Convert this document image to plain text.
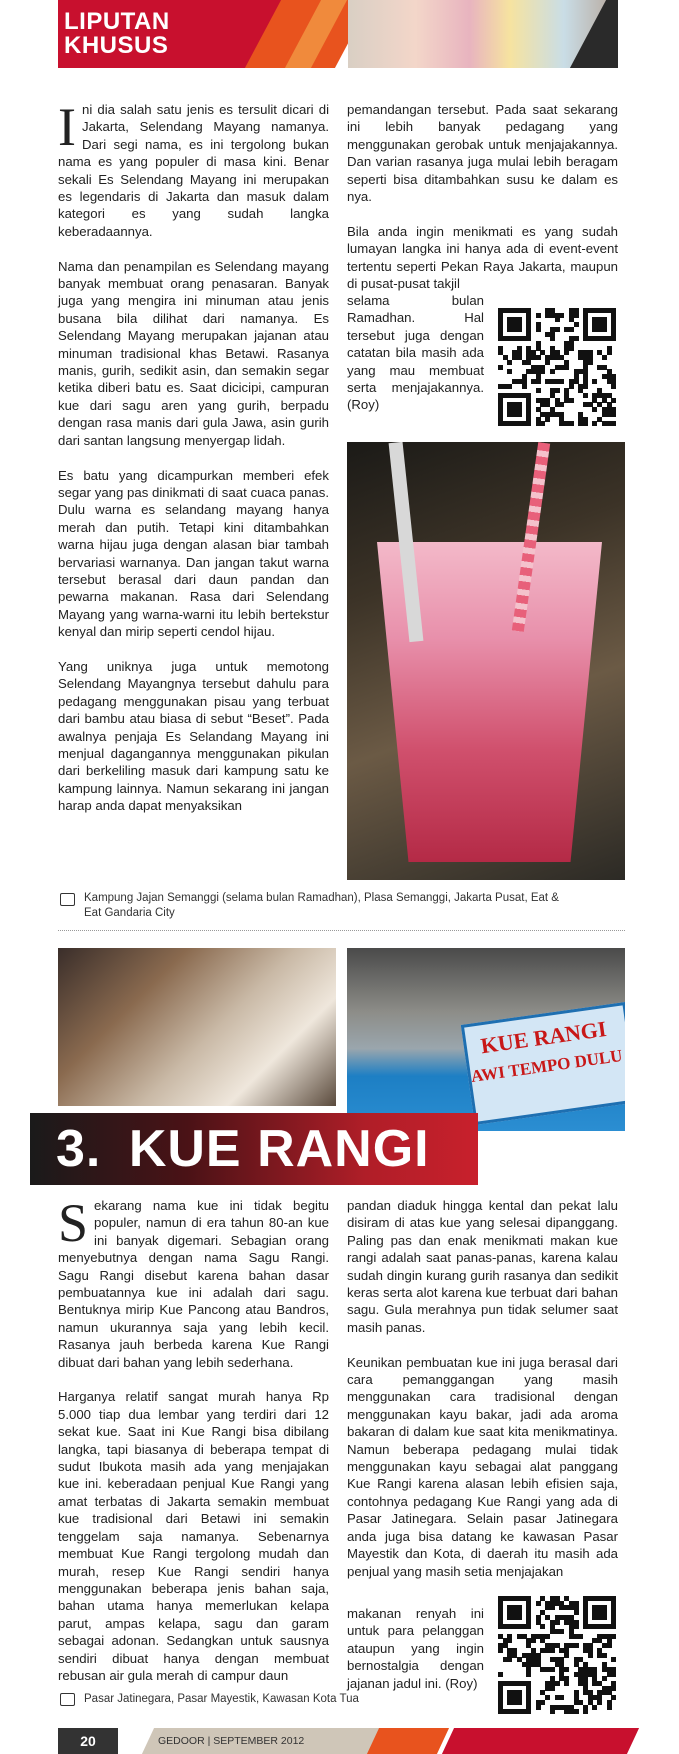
LIPUTAN
KHUSUS
I ni dia salah satu jenis es tersulit dicari di Jakarta, Selendang Mayang namanya. Dari segi nama, es ini tergolong bukan nama es yang populer di masa kini. Benar sekali Es Selendang Mayang ini merupakan es legendaris di Jakarta dan masuk dalam kategori es yang sudah langka keberadaannya.

Nama dan penampilan es Selendang mayang banyak membuat orang penasaran. Banyak juga yang mengira ini minuman atau jenis busana bila dilihat dari namanya. Es Selendang Mayang merupakan jajanan atau minuman tradisional khas Betawi. Rasanya manis, gurih, sedikit asin, dan semakin segar ketika diberi batu es. Saat dicicipi, campuran kue dari sagu aren yang gurih, berpadu dengan rasa manis dari gula Jawa, asin gurih dari santan langsung menyergap lidah.

Es batu yang dicampurkan memberi efek segar yang pas dinikmati di saat cuaca panas. Dulu warna es selandang mayang hanya merah dan putih. Tetapi kini ditambahkan warna hijau juga dengan alasan biar tambah bervariasi warnanya. Dan jangan takut warna tersebut berasal dari daun pandan dan pewarna makanan. Rasa dari Selendang Mayang yang warna-warni itu lebih bertekstur kenyal dan mirip seperti cendol hijau.

Yang uniknya juga untuk memotong Selendang Mayangnya tersebut dahulu para pedagang menggunakan pisau yang terbuat dari bambu atau biasa di sebut “Beset”. Pada awalnya penjaja Es Selandang Mayang ini menjual dagangannya menggunakan pikulan dari berkeliling masuk dari kampung satu ke kampung lainnya. Namun sekarang ini jangan harap anda dapat menyaksikan

pemandangan tersebut. Pada saat sekarang ini lebih banyak pedagang yang menggunakan gerobak untuk menjajakannya. Dan varian rasanya juga mulai lebih beragam seperti bisa ditambahkan susu ke dalam es nya.

Bila anda ingin menikmati es yang sudah lumayan langka ini hanya ada di event-event tertentu seperti Pekan Raya Jakarta, maupun di pusat-pusat takjil

selama bulan Ramadhan. Hal tersebut juga dengan catatan bila masih ada yang mau membuat serta menjajakannya. (Roy)

Kampung Jajan Semanggi (selama bulan Ramadhan), Plasa Semanggi, Jakarta Pusat, Eat & Eat Gandaria City
KUE RANGI
AWI TEMPO DULU
3. KUE RANGI
S ekarang nama kue ini tidak begitu populer, namun di era tahun 80-an kue ini banyak digemari. Sebagian orang menyebutnya dengan nama Sagu Rangi. Sagu Rangi disebut karena bahan dasar pembuatannya kue ini adalah dari sagu. Bentuknya mirip Kue Pancong atau Bandros, namun ukurannya saja yang lebih kecil. Rasanya jauh berbeda karena Kue Rangi dibuat dari bahan yang lebih sederhana.

Harganya relatif sangat murah hanya Rp 5.000 tiap dua lembar yang terdiri dari 12 sekat kue. Saat ini Kue Rangi bisa dibilang langka, tapi biasanya di beberapa tempat di sudut Ibukota masih ada yang menjajakan kue ini. keberadaan penjual Kue Rangi yang amat terbatas di Jakarta semakin membuat kue tradisional dari Betawi ini semakin tenggelam saja namanya. Sebenarnya membuat Kue Rangi tergolong mudah dan murah, resep Kue Rangi sendiri hanya menggunakan beberapa jenis bahan saja, bahan utama hanya memerlukan kelapa parut, ampas kelapa, sagu dan garam sebagai adonan. Sedangkan untuk sausnya sendiri dibuat hanya dengan membuat rebusan air gula merah di campur daun

pandan diaduk hingga kental dan pekat lalu disiram di atas kue yang selesai dipanggang. Paling pas dan enak menikmati makan kue rangi adalah saat panas-panas, karena kalau sudah dingin kurang gurih rasanya dan sedikit keras serta alot karena kue terbuat dari bahan sagu. Gula merahnya pun tidak selumer saat masih panas.

Keunikan pembuatan kue ini juga berasal dari cara pemanggangan yang masih menggunakan cara tradisional dengan menggunakan kayu bakar, jadi ada aroma bakaran di dalam kue saat kita menikmatinya. Namun beberapa pedagang mulai tidak menggunakan kayu sebagai alat panggang Kue Rangi karena alasan lebih efisien saja, contohnya pedagang Kue Rangi yang ada di Pasar Jatinegara. Selain pasar Jatinegara anda juga bisa datang ke kawasan Pasar Mayestik dan Kota, di daerah itu masih ada penjual yang masih setia menjajakan

makanan renyah ini untuk para pelanggan ataupun yang ingin bernostalgia dengan jajanan jadul ini. (Roy)

Pasar Jatinegara, Pasar Mayestik, Kawasan Kota Tua
20	GEDOOR | SEPTEMBER 2012
